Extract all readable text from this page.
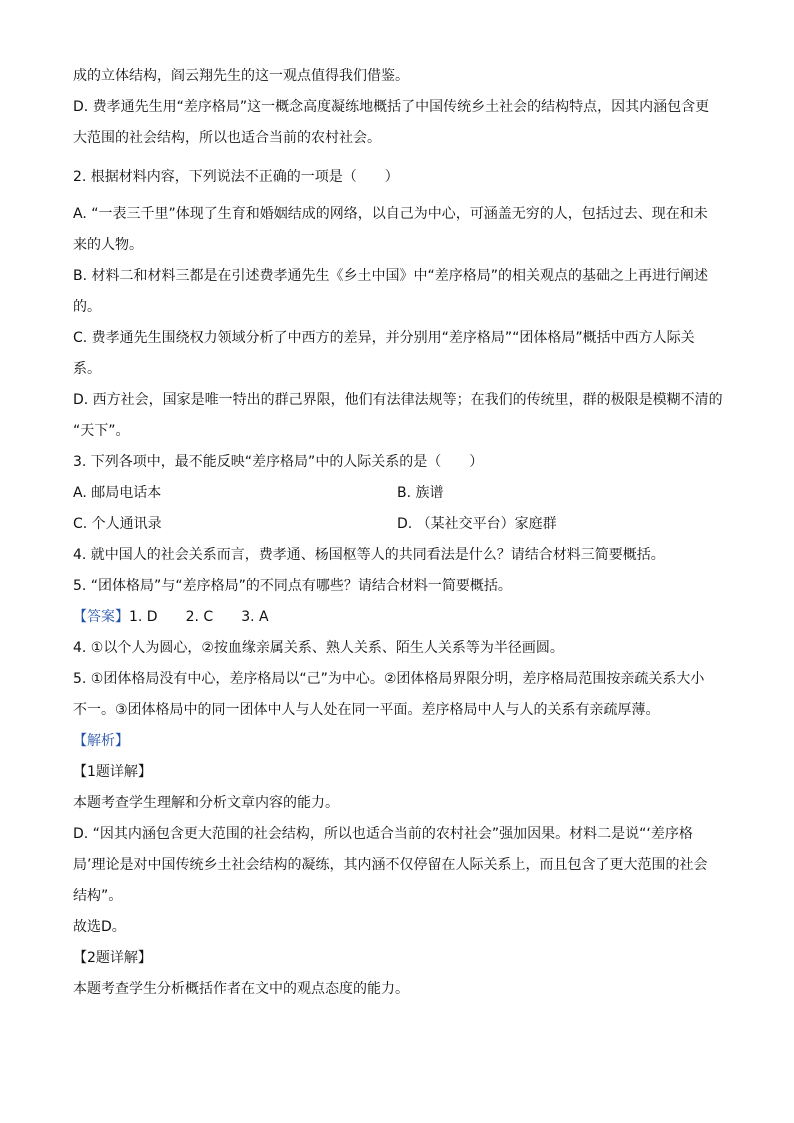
成的立体结构，阎云翔先生的这一观点值得我们借鉴。
D. 费孝通先生用“差序格局”这一概念高度凝练地概括了中国传统乡土社会的结构特点，因其内涵包含更
大范围的社会结构，所以也适合当前的农村社会。
2. 根据材料内容，下列说法不正确的一项是（　　）
A. “一表三千里”体现了生育和婚姻结成的网络，以自己为中心，可涵盖无穷的人，包括过去、现在和未
来的人物。
B. 材料二和材料三都是在引述费孝通先生《乡土中国》中“差序格局”的相关观点的基础之上再进行阐述
的。
C. 费孝通先生围绕权力领域分析了中西方的差异，并分别用“差序格局”“团体格局”概括中西方人际关
系。
D. 西方社会，国家是唯一特出的群己界限，他们有法律法规等；在我们的传统里，群的极限是模糊不清的
“天下”。
3. 下列各项中，最不能反映“差序格局”中的人际关系的是（　　）
A. 邮局电话本	B. 族谱
C. 个人通讯录	D. （某社交平台）家庭群
4. 就中国人的社会关系而言，费孝通、杨国枢等人的共同看法是什么？请结合材料三简要概括。
5. “团体格局”与“差序格局”的不同点有哪些？请结合材料一简要概括。
【答案】1. D 2. C 3. A
4. ①以个人为圆心，②按血缘亲属关系、熟人关系、陌生人关系等为半径画圆。
5. ①团体格局没有中心，差序格局以“己”为中心。②团体格局界限分明，差序格局范围按亲疏关系大小
不一。③团体格局中的同一团体中人与人处在同一平面。差序格局中人与人的关系有亲疏厚薄。
【解析】
【1题详解】
本题考查学生理解和分析文章内容的能力。
D. “因其内涵包含更大范围的社会结构，所以也适合当前的农村社会”强加因果。材料二是说“‘差序格
局’理论是对中国传统乡土社会结构的凝练，其内涵不仅停留在人际关系上，而且包含了更大范围的社会
结构”。
故选D。
【2题详解】
本题考查学生分析概括作者在文中的观点态度的能力。
